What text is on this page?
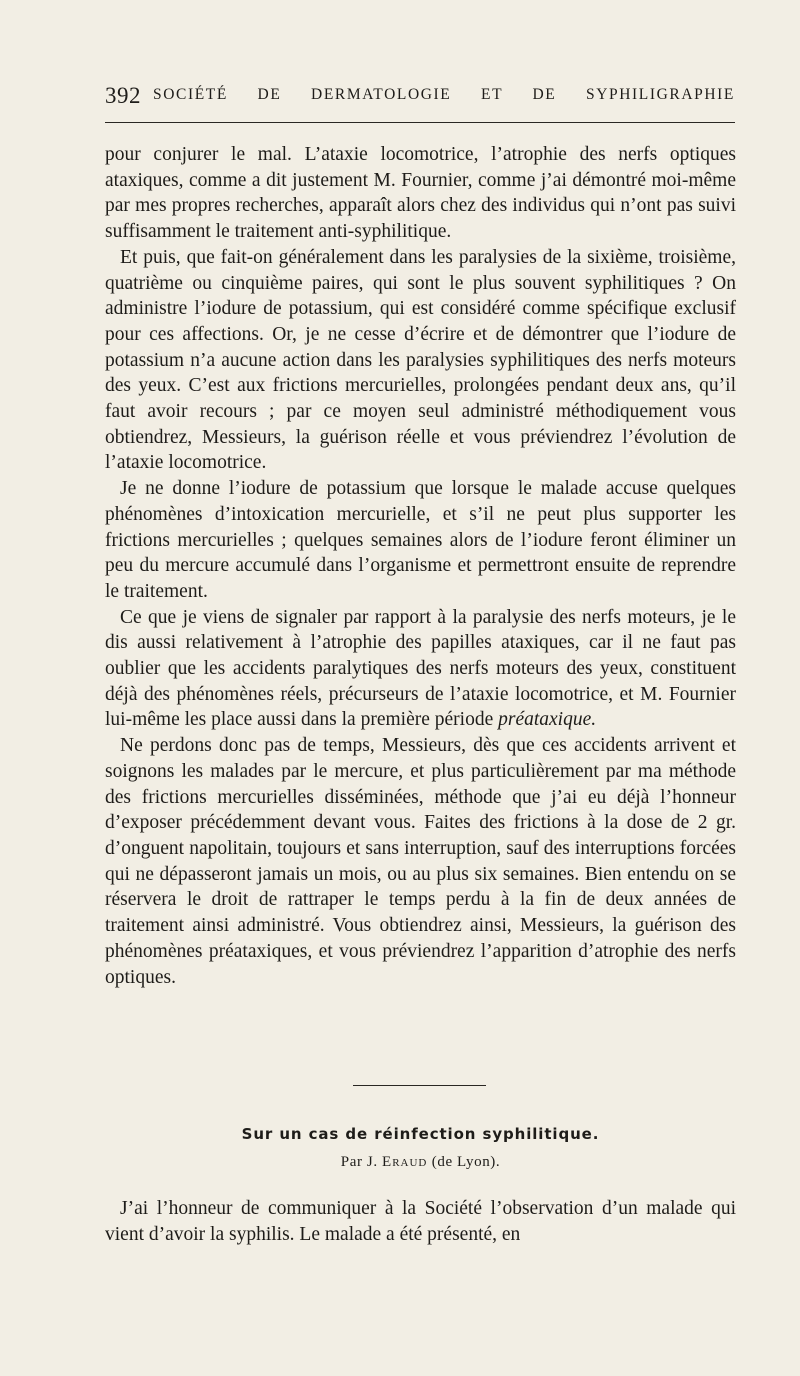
392 SOCIÉTÉ DE DERMATOLOGIE ET DE SYPHILIGRAPHIE

pour conjurer le mal. L’ataxie locomotrice, l’atrophie des nerfs optiques ataxiques, comme a dit justement M. Fournier, comme j’ai démontré moi-même par mes propres recherches, apparaît alors chez des individus qui n’ont pas suivi suffisamment le traitement anti-syphilitique.

Et puis, que fait-on généralement dans les paralysies de la sixième, troisième, quatrième ou cinquième paires, qui sont le plus souvent syphilitiques ? On administre l’iodure de potassium, qui est considéré comme spécifique exclusif pour ces affections. Or, je ne cesse d’écrire et de démontrer que l’iodure de potassium n’a aucune action dans les paralysies syphilitiques des nerfs moteurs des yeux. C’est aux frictions mercurielles, prolongées pendant deux ans, qu’il faut avoir recours ; par ce moyen seul administré méthodiquement vous obtiendrez, Messieurs, la guérison réelle et vous préviendrez l’évolution de l’ataxie locomotrice.

Je ne donne l’iodure de potassium que lorsque le malade accuse quelques phénomènes d’intoxication mercurielle, et s’il ne peut plus supporter les frictions mercurielles ; quelques semaines alors de l’iodure feront éliminer un peu du mercure accumulé dans l’organisme et permettront ensuite de reprendre le traitement.

Ce que je viens de signaler par rapport à la paralysie des nerfs moteurs, je le dis aussi relativement à l’atrophie des papilles ataxiques, car il ne faut pas oublier que les accidents paralytiques des nerfs moteurs des yeux, constituent déjà des phénomènes réels, précurseurs de l’ataxie locomotrice, et M. Fournier lui-même les place aussi dans la première période préataxique.

Ne perdons donc pas de temps, Messieurs, dès que ces accidents arrivent et soignons les malades par le mercure, et plus particulièrement par ma méthode des frictions mercurielles disséminées, méthode que j’ai eu déjà l’honneur d’exposer précédemment devant vous. Faites des frictions à la dose de 2 gr. d’onguent napolitain, toujours et sans interruption, sauf des interruptions forcées qui ne dépasseront jamais un mois, ou au plus six semaines. Bien entendu on se réservera le droit de rattraper le temps perdu à la fin de deux années de traitement ainsi administré. Vous obtiendrez ainsi, Messieurs, la guérison des phénomènes préataxiques, et vous préviendrez l’apparition d’atrophie des nerfs optiques.

Sur un cas de réinfection syphilitique.
Par J. Eraud (de Lyon).

J’ai l’honneur de communiquer à la Société l’observation d’un malade qui vient d’avoir la syphilis. Le malade a été présenté, en
